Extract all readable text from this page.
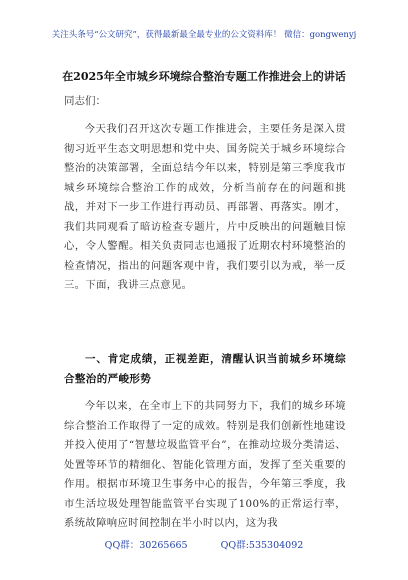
关注头条号“公文研究”，获得最新最全最专业的公文资料库！ 微信：gongwenyj
在2025年全市城乡环境综合整治专题工作推进会上的讲话
同志们：

今天我们召开这次专题工作推进会，主要任务是深入贯彻习近平生态文明思想和党中央、国务院关于城乡环境综合整治的决策部署，全面总结今年以来，特别是第三季度我市城乡环境综合整治工作的成效，分析当前存在的问题和挑战，并对下一步工作进行再动员、再部署、再落实。刚才，我们共同观看了暗访检查专题片，片中反映出的问题触目惊心，令人警醒。相关负责同志也通报了近期农村环境整治的检查情况，指出的问题客观中肯，我们要引以为戒，举一反三。下面，我讲三点意见。

一、肯定成绩，正视差距，清醒认识当前城乡环境综合整治的严峻形势

今年以来，在全市上下的共同努力下，我们的城乡环境综合整治工作取得了一定的成效。特别是我们创新性地建设并投入使用了“智慧垃圾监管平台”，在推动垃圾分类清运、处置等环节的精细化、智能化管理方面，发挥了至关重要的作用。根据市环境卫生事务中心的报告，今年第三季度，我市生活垃圾处理智能监管平台实现了100%的正常运行率，系统故障响应时间控制在半小时以内，这为我

QQ群：30265665	QQ群:535304092
